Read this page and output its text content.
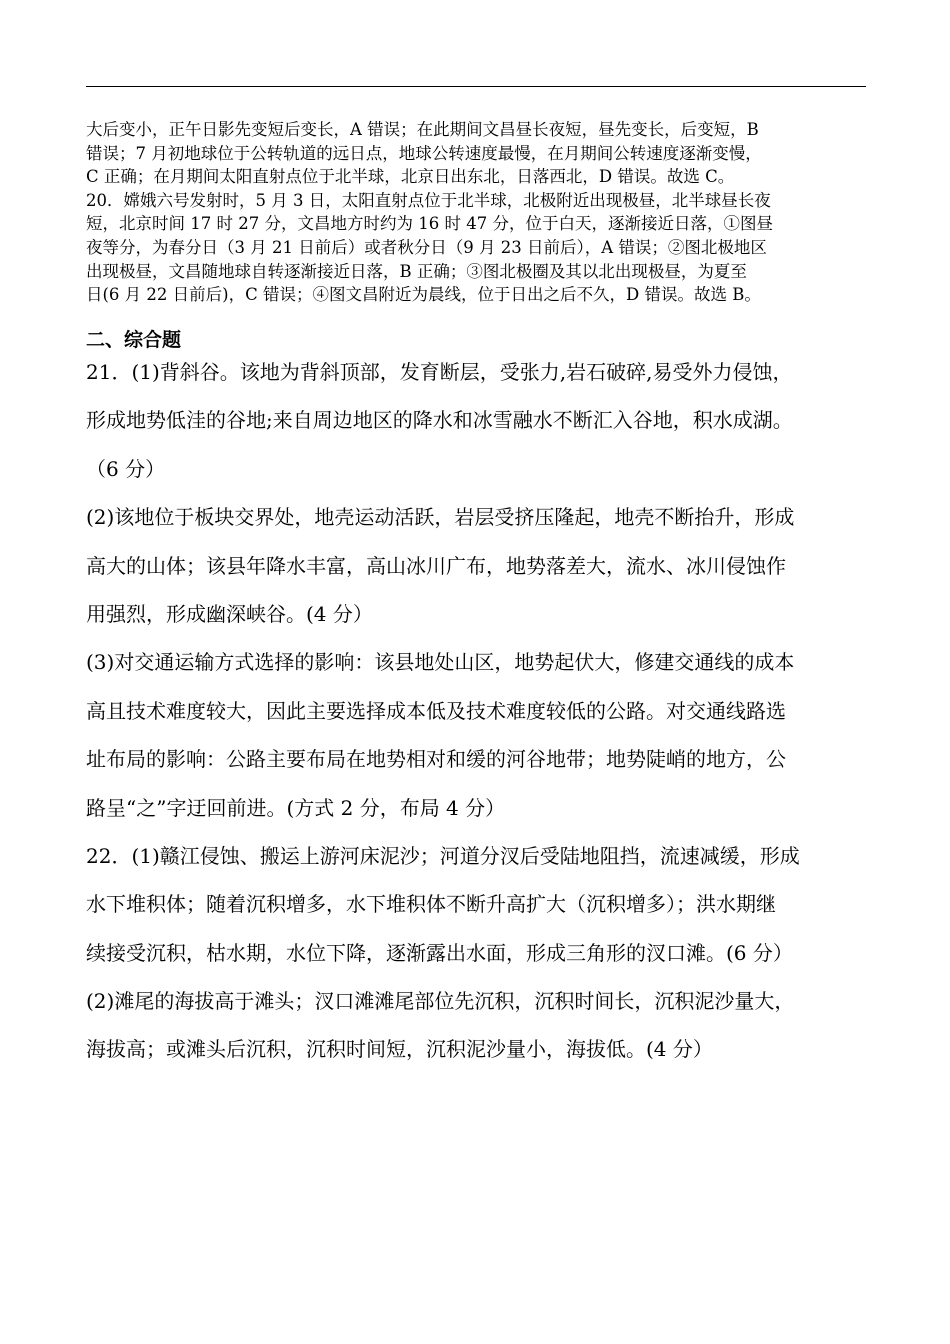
大后变小，正午日影先变短后变长，A 错误；在此期间文昌昼长夜短，昼先变长，后变短，B
错误；7 月初地球位于公转轨道的远日点，地球公转速度最慢，在月期间公转速度逐渐变慢，
C 正确；在月期间太阳直射点位于北半球，北京日出东北，日落西北，D 错误。故选 C。
20．嫦娥六号发射时，5 月 3 日，太阳直射点位于北半球，北极附近出现极昼，北半球昼长夜
短，北京时间 17 时 27 分，文昌地方时约为 16 时 47 分，位于白天，逐渐接近日落，①图昼
夜等分，为春分日（3 月 21 日前后）或者秋分日（9 月 23 日前后），A 错误；②图北极地区
出现极昼，文昌随地球自转逐渐接近日落，B 正确；③图北极圈及其以北出现极昼，为夏至
日(6 月 22 日前后)，C 错误；④图文昌附近为晨线，位于日出之后不久，D 错误。故选 B。
二、综合题
21．(1)背斜谷。该地为背斜顶部，发育断层，受张力,岩石破碎,易受外力侵蚀，
形成地势低洼的谷地;来自周边地区的降水和冰雪融水不断汇入谷地，积水成湖。
（6 分）
(2)该地位于板块交界处，地壳运动活跃，岩层受挤压隆起，地壳不断抬升，形成
高大的山体；该县年降水丰富，高山冰川广布，地势落差大，流水、冰川侵蚀作
用强烈，形成幽深峡谷。(4 分）
(3)对交通运输方式选择的影响：该县地处山区，地势起伏大，修建交通线的成本
高且技术难度较大，因此主要选择成本低及技术难度较低的公路。对交通线路选
址布局的影响：公路主要布局在地势相对和缓的河谷地带；地势陡峭的地方，公
路呈“之”字迂回前进。(方式 2 分，布局 4 分）
22．(1)赣江侵蚀、搬运上游河床泥沙；河道分汊后受陆地阻挡，流速减缓，形成
水下堆积体；随着沉积增多，水下堆积体不断升高扩大（沉积增多）；洪水期继
续接受沉积，枯水期，水位下降，逐渐露出水面，形成三角形的汊口滩。(6 分）
(2)滩尾的海拔高于滩头；汊口滩滩尾部位先沉积，沉积时间长，沉积泥沙量大，
海拔高；或滩头后沉积，沉积时间短，沉积泥沙量小，海拔低。(4 分）
